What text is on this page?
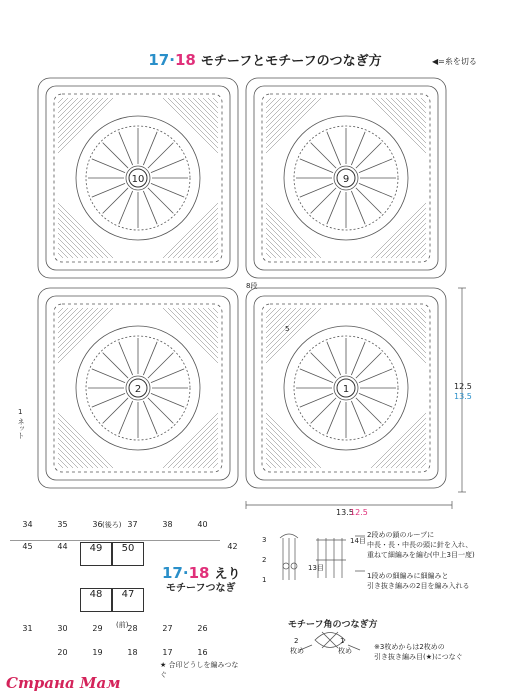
10	9
2	1
17·18 モチーフとモチーフのつなぎ方	◀=糸を切る
8段
5
1
ネット
12.5
13.5
13.5
12.5
34	35	36	37	38	40
(後ろ)
45	44	49	50	42
48	47
31	30	29	28	27	26
(前)
20	19	18	17	16
★ 合印どうしを編みつなぐ
17·18 えり
モチーフつなぎ
2段めの鎖のループに
中長・長・中長の頭に針を入れ、
重ねて細編みを編む(中上3目一度)
1段めの細編みに細編みと
引き抜き編みの2目を編み入れる
14目
13目
3
2
1
モチーフ角のつなぎ方
2
枚め
1
枚め	※3枚めからは2枚めの
引き抜き編み目(★)につなぐ
Страна Мам
